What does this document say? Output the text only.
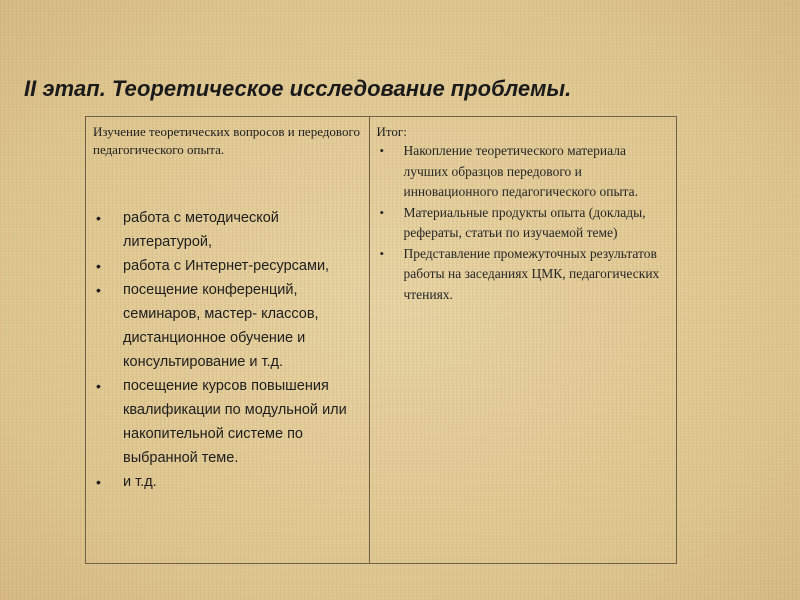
II этап. Теоретическое исследование проблемы.
Изучение теоретических вопросов и передового педагогического опыта.
• работа с методической литературой,
• работа с Интернет-ресурсами,
• посещение конференций, семинаров, мастер- классов, дистанционное обучение и консультирование и т.д.
• посещение курсов повышения квалификации по модульной или накопительной системе по выбранной теме.
• и т.д.

Итог:
• Накопление теоретического материала лучших образцов передового и инновационного педагогического опыта.
• Материальные продукты опыта (доклады, рефераты, статьи по изучаемой теме)
• Представление промежуточных результатов работы на заседаниях ЦМК, педагогических чтениях.
